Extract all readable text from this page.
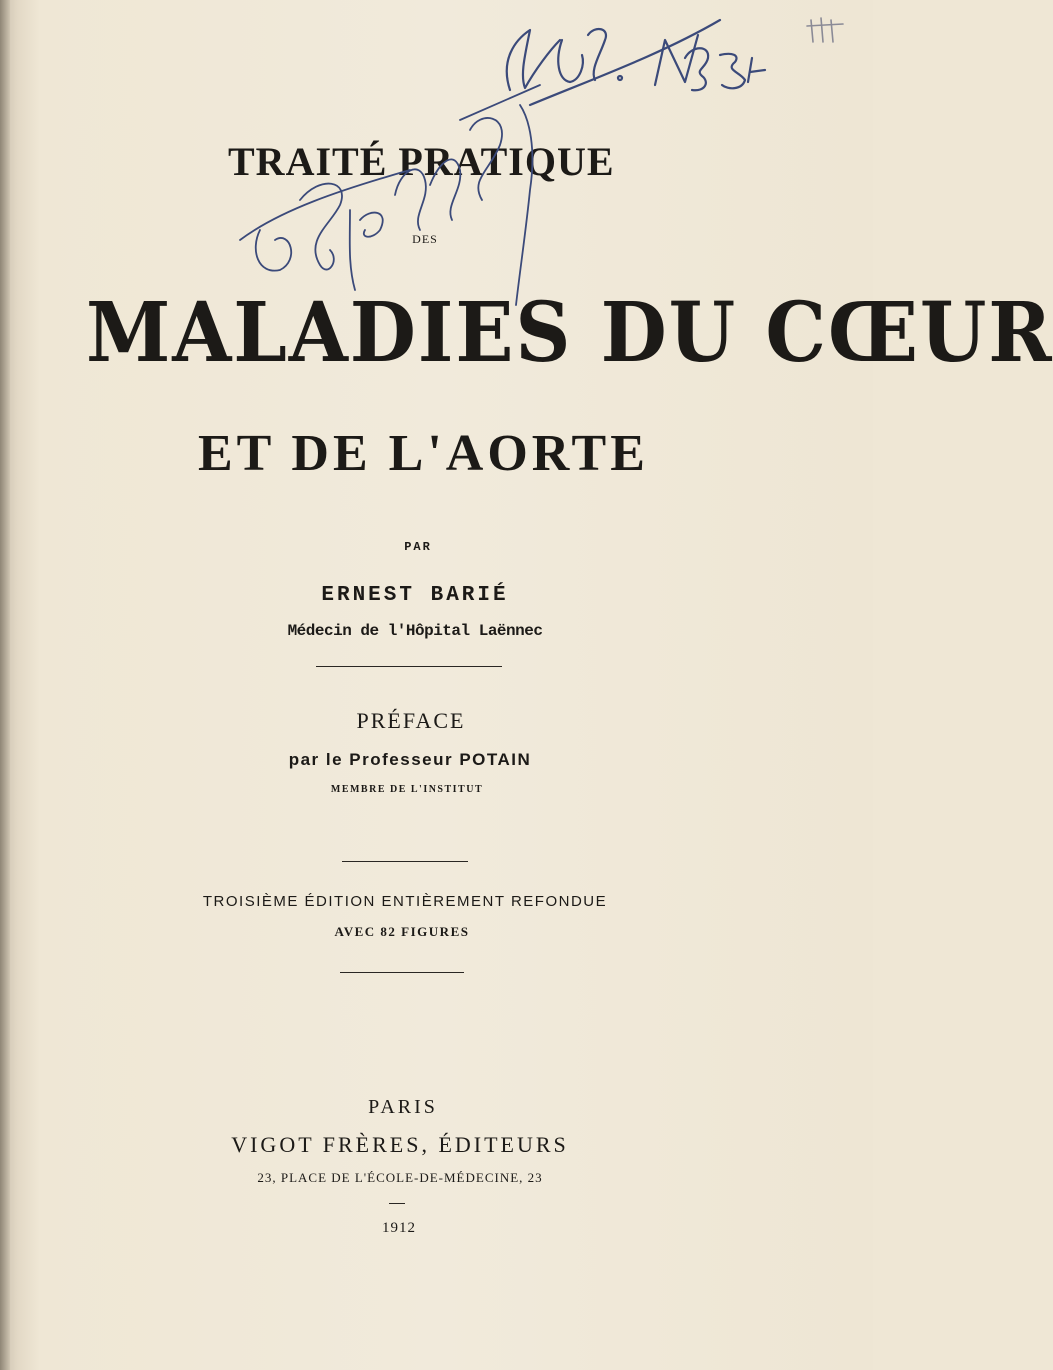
TRAITÉ PRATIQUE
DES
MALADIES DU CŒUR
ET DE L'AORTE
PAR
ERNEST BARIÉ
Médecin de l'Hôpital Laënnec
PRÉFACE
par le Professeur POTAIN
MEMBRE DE L'INSTITUT
TROISIÈME ÉDITION ENTIÈREMENT REFONDUE
AVEC 82 FIGURES
PARIS
VIGOT FRÈRES, ÉDITEURS
23, PLACE DE L'ÉCOLE-DE-MÉDECINE, 23
1912
